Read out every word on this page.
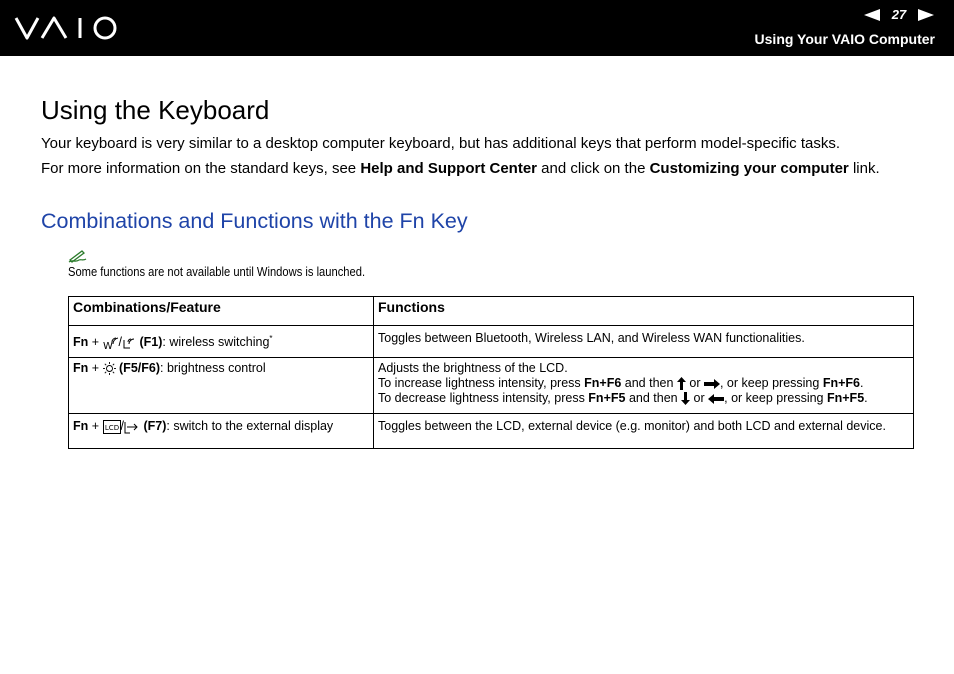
27
Using Your VAIO Computer
Using the Keyboard

Your keyboard is very similar to a desktop computer keyboard, but has additional keys that perform model-specific tasks.

For more information on the standard keys, see Help and Support Center and click on the Customizing your computer link.

Combinations and Functions with the Fn Key

Some functions are not available until Windows is launched.

Combinations/Feature	Functions
Fn + W / (F1): wireless switching*	Toggles between Bluetooth, Wireless LAN, and Wireless WAN functionalities.
Fn +  (F5/F6): brightness control	Adjusts the brightness of the LCD.
To increase lightness intensity, press Fn+F6 and then  or , or keep pressing Fn+F6.
To decrease lightness intensity, press Fn+F5 and then  or , or keep pressing Fn+F5.

Fn + LCD / (F7): switch to the external display	Toggles between the LCD, external device (e.g. monitor) and both LCD and external device.
